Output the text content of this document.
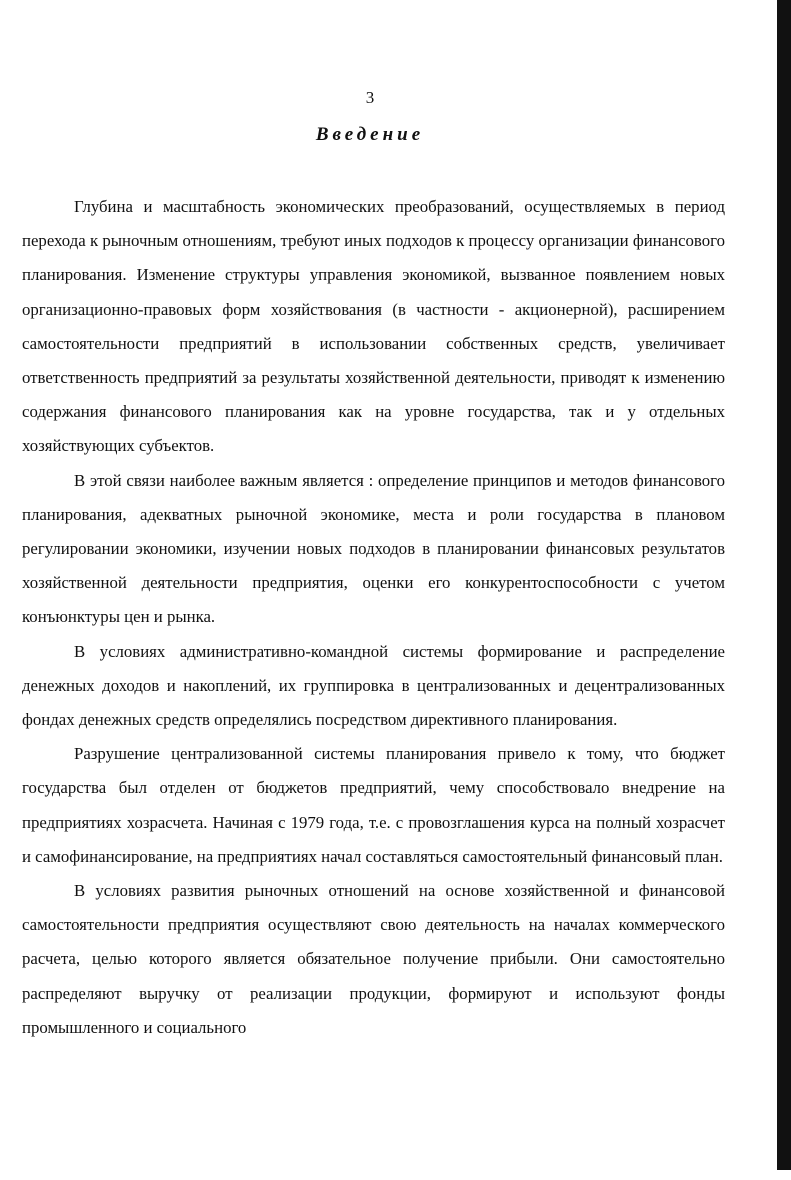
3
Введение

Глубина и масштабность экономических преобразований, осуществляемых в период перехода к рыночным отношениям, требуют иных подходов к процессу организации финансового планирования. Изменение структуры управления экономикой, вызванное появлением новых организационно-правовых форм хозяйствования (в частности - акционерной), расширением самостоятельности предприятий в использовании собственных средств, увеличивает ответственность предприятий за результаты хозяйственной деятельности, приводят к изменению содержания финансового планирования как на уровне государства, так и у отдельных хозяйствующих субъектов.

В этой связи наиболее важным является : определение принципов и методов финансового планирования, адекватных рыночной экономике, места и роли государства в плановом регулировании экономики, изучении новых подходов в планировании финансовых результатов хозяйственной деятельности предприятия, оценки его конкурентоспособности с учетом конъюнктуры цен и рынка.

В условиях административно-командной системы формирование и распределение денежных доходов и накоплений, их группировка в централизованных и децентрализованных фондах денежных средств определялись посредством директивного планирования.

Разрушение централизованной системы планирования привело к тому, что бюджет государства был отделен от бюджетов предприятий, чему способствовало внедрение на предприятиях хозрасчета. Начиная с 1979 года, т.е. с провозглашения курса на полный хозрасчет и самофинансирование, на предприятиях начал составляться самостоятельный финансовый план.

В условиях развития рыночных отношений на основе хозяйственной и финансовой самостоятельности предприятия осуществляют свою деятельность на началах коммерческого расчета, целью которого является обязательное получение прибыли. Они самостоятельно распределяют выручку от реализации продукции, формируют и используют фонды промышленного и социального
